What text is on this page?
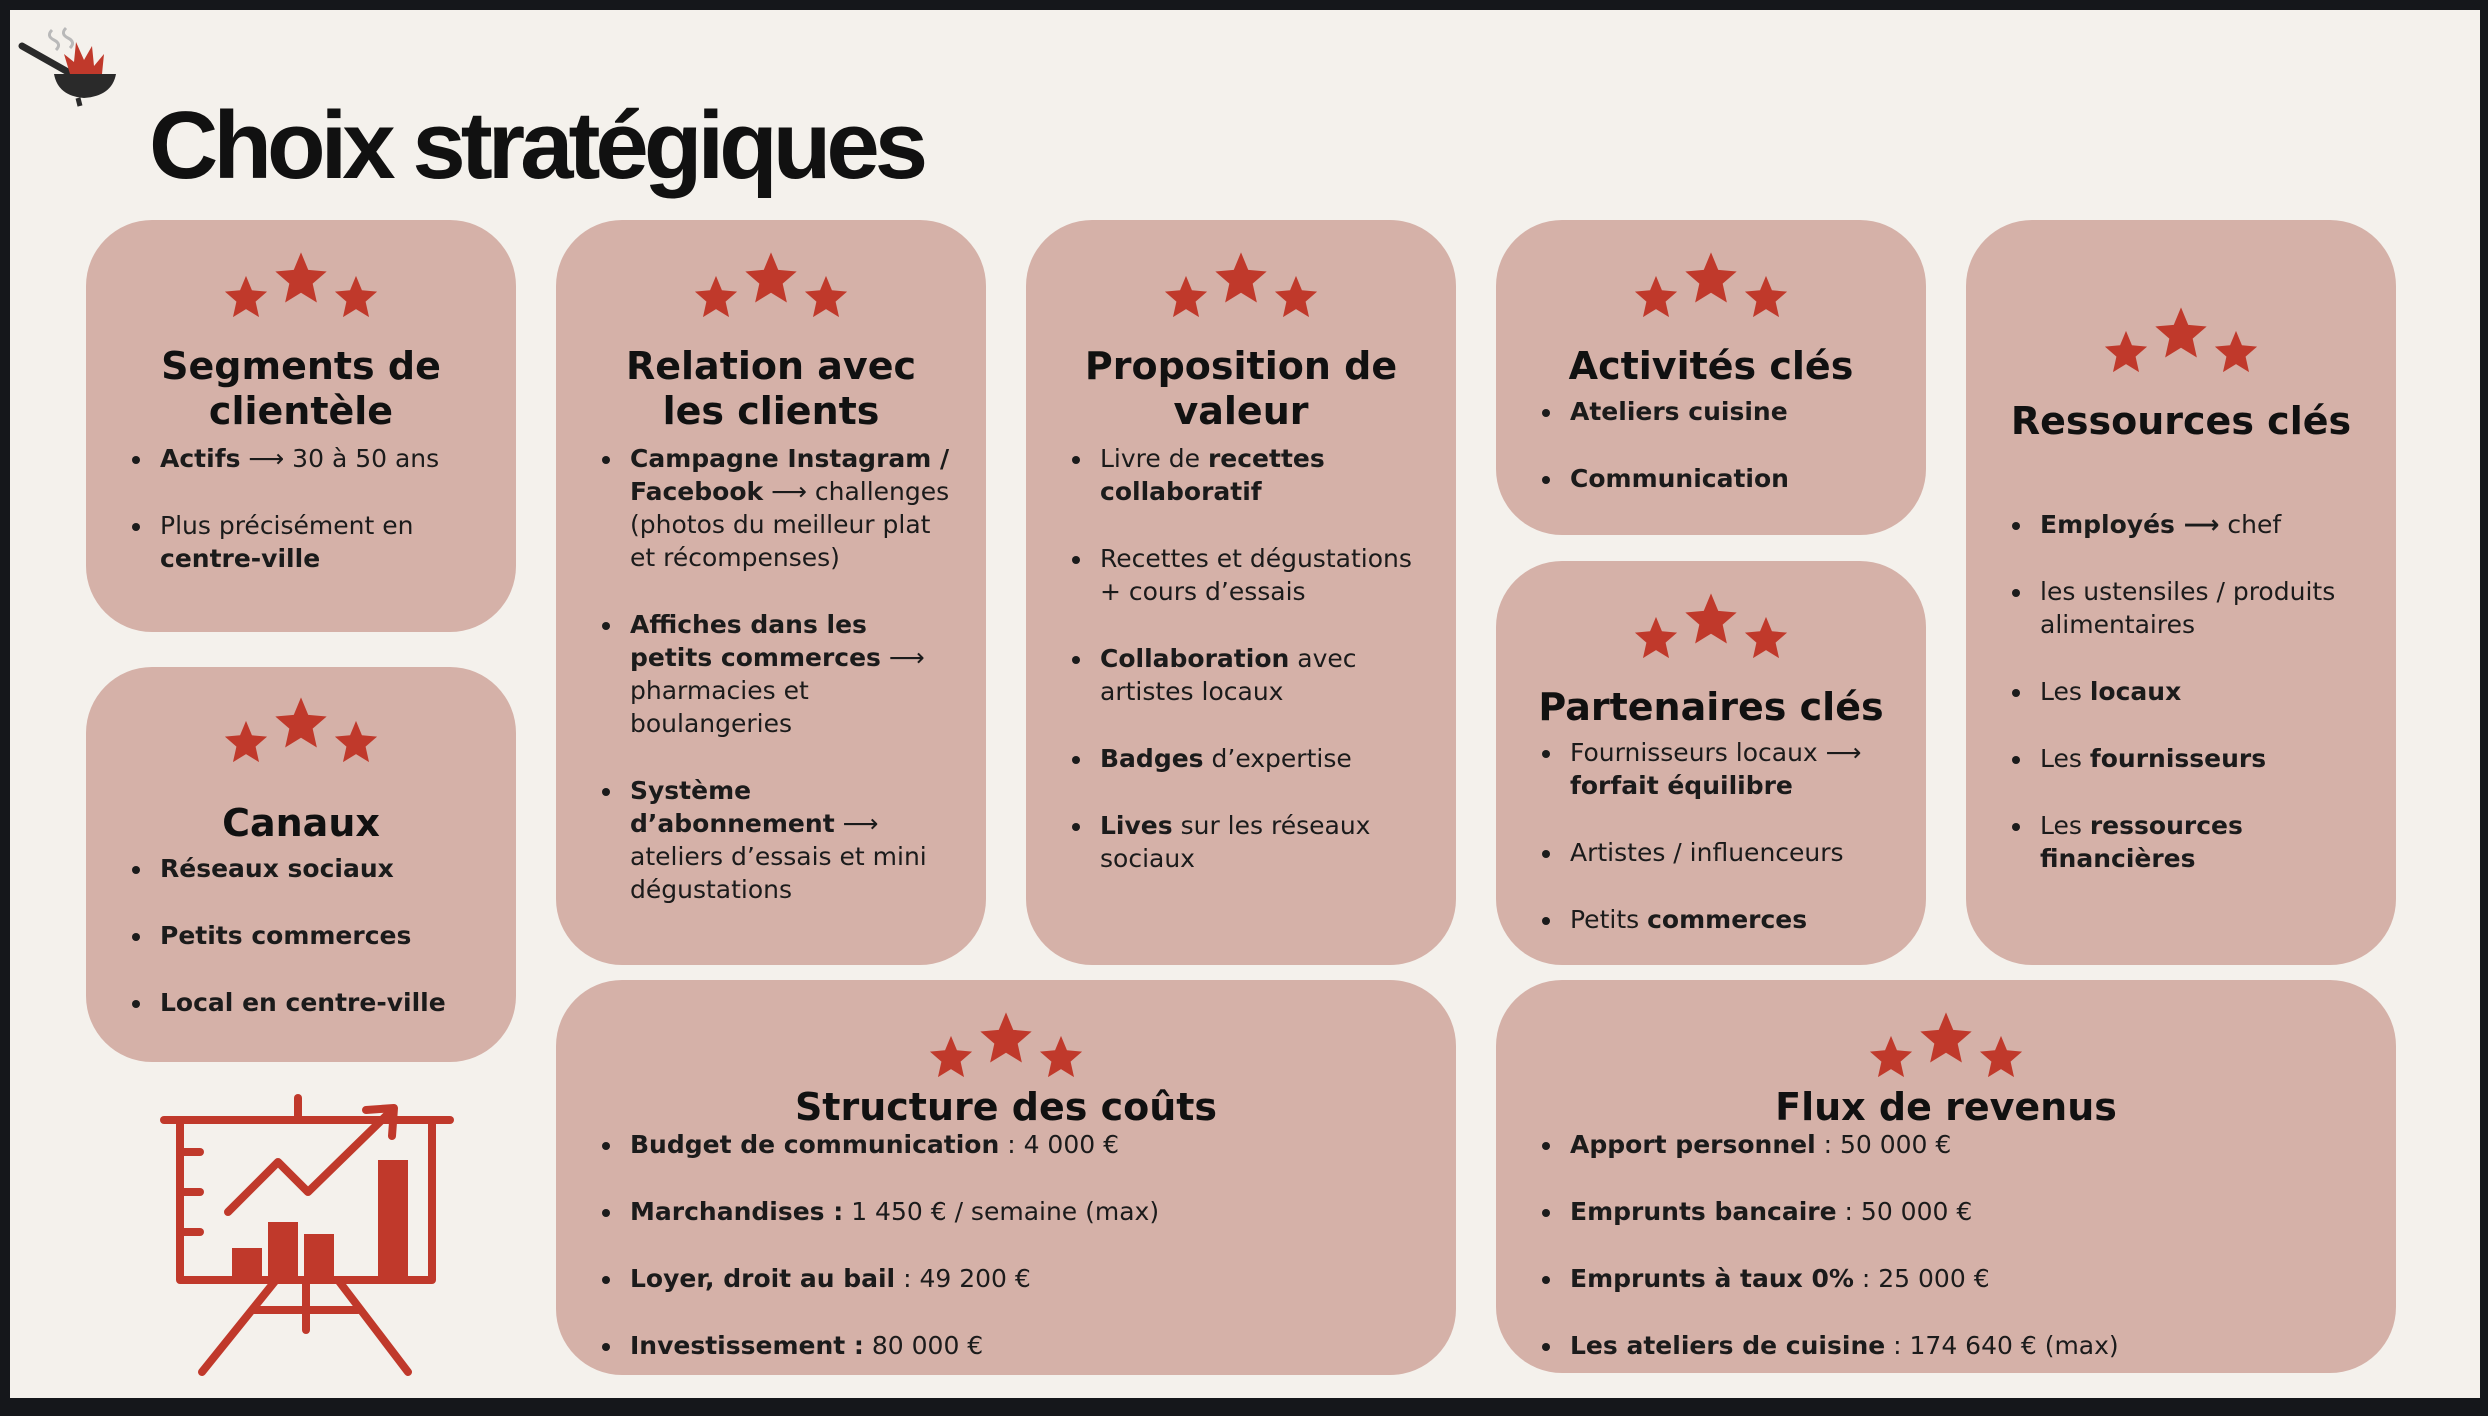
Choix stratégiques
Segments de clientèle
Actifs ⟶ 30 à 50 ans
Plus précisément en centre-ville
Canaux
Réseaux sociaux
Petits commerces
Local en centre-ville
Relation avec les clients
Campagne Instagram / Facebook ⟶ challenges (photos du meilleur plat et récompenses)
Affiches dans les petits commerces ⟶ pharmacies et boulangeries
Système d’abonnement ⟶ ateliers d’essais et mini dégustations
Proposition de valeur
Livre de recettes collaboratif
Recettes et dégustations + cours d’essais
Collaboration avec artistes locaux
Badges d’expertise
Lives sur les réseaux sociaux
Activités clés
Ateliers cuisine
Communication
Partenaires clés
Fournisseurs locaux ⟶ forfait équilibre
Artistes / influenceurs
Petits commerces
Ressources clés
Employés ⟶ chef
les ustensiles / produits alimentaires
Les locaux
Les fournisseurs
Les ressources financières
Structure des coûts
Budget de communication : 4 000 €
Marchandises : 1 450 € / semaine (max)
Loyer, droit au bail : 49 200 €
Investissement : 80 000 €
Flux de revenus
Apport personnel : 50 000 €
Emprunts bancaire : 50 000 €
Emprunts à taux 0% : 25 000 €
Les ateliers de cuisine : 174 640 € (max)
